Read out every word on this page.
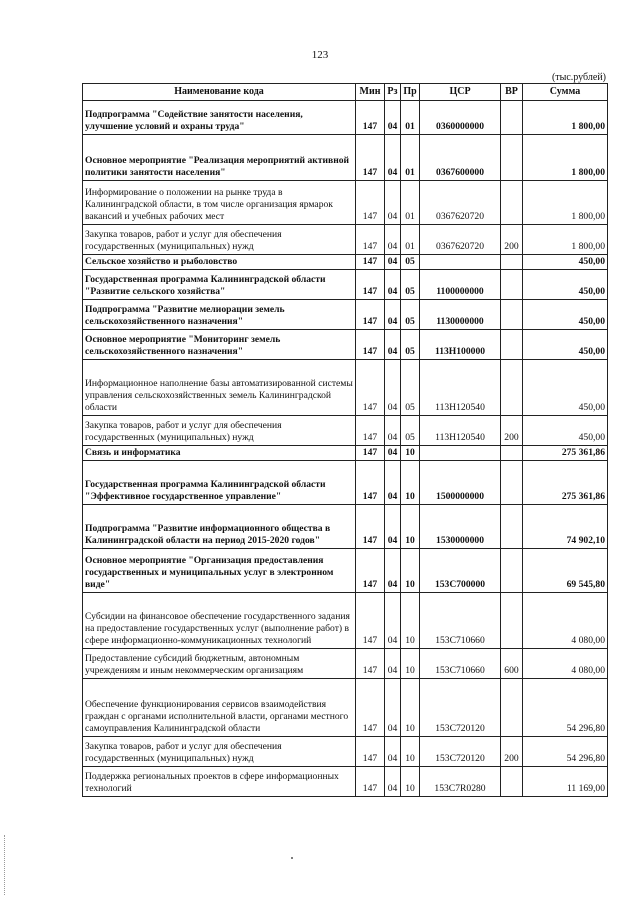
123
(тыс.рублей)
Наименование кода	Мин	Рз	Пр	ЦСР	ВР	Сумма
Подпрограмма "Содействие занятости населения, улучшение условий и охраны труда"	147	04	01	0360000000		1 800,00
Основное мероприятие "Реализация мероприятий активной политики занятости населения"	147	04	01	0367600000		1 800,00
Информирование о положении на рынке труда в Калининградской области, в том числе организация ярмарок вакансий и учебных рабочих мест	147	04	01	0367620720		1 800,00
Закупка товаров, работ и услуг для обеспечения государственных (муниципальных) нужд	147	04	01	0367620720	200	1 800,00
Сельское хозяйство и рыболовство	147	04	05			450,00
Государственная программа Калининградской области "Развитие сельского хозяйства"	147	04	05	1100000000		450,00
Подпрограмма "Развитие мелиорации земель сельскохозяйственного назначения"	147	04	05	1130000000		450,00
Основное мероприятие "Мониторинг земель сельскохозяйственного назначения"	147	04	05	113Н100000		450,00
Информационное наполнение базы автоматизированной системы управления сельскохозяйственных земель Калининградской области	147	04	05	113Н120540		450,00
Закупка товаров, работ и услуг для обеспечения государственных (муниципальных) нужд	147	04	05	113Н120540	200	450,00
Связь и информатика	147	04	10			275 361,86
Государственная программа Калининградской области "Эффективное государственное управление"	147	04	10	1500000000		275 361,86
Подпрограмма "Развитие информационного общества в Калининградской области на период 2015-2020 годов"	147	04	10	1530000000		74 902,10
Основное мероприятие "Организация предоставления государственных и муниципальных услуг в электронном виде"	147	04	10	153С700000		69 545,80
Субсидии на финансовое обеспечение государственного задания на предоставление государственных услуг (выполнение работ) в сфере информационно-коммуникационных технологий	147	04	10	153С710660		4 080,00
Предоставление субсидий бюджетным, автономным учреждениям и иным некоммерческим организациям	147	04	10	153С710660	600	4 080,00
Обеспечение функционирования сервисов взаимодействия граждан с органами исполнительной власти, органами местного самоуправления Калининградской области	147	04	10	153С720120		54 296,80
Закупка товаров, работ и услуг для обеспечения государственных (муниципальных) нужд	147	04	10	153С720120	200	54 296,80
Поддержка региональных проектов в сфере информационных технологий	147	04	10	153С7R0280		11 169,00
